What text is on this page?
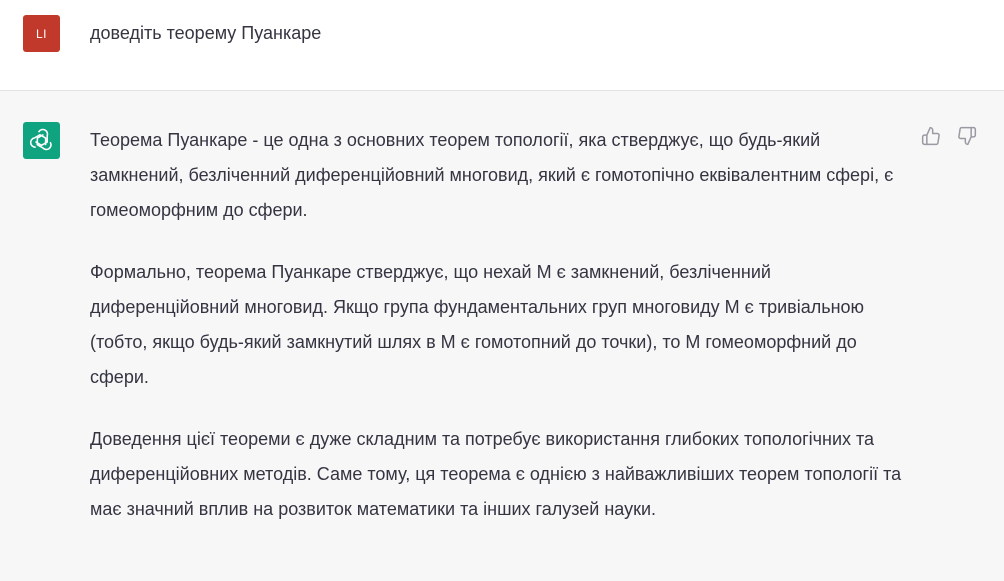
LI доведіть теорему Пуанкаре

Теорема Пуанкаре - це одна з основних теорем топології, яка стверджує, що будь-який замкнений, безліченний диференційовний многовид, який є гомотопічно еквівалентним сфері, є гомеоморфним до сфери.

Формально, теорема Пуанкаре стверджує, що нехай М є замкнений, безліченний диференційовний многовид. Якщо група фундаментальних груп многовиду М є тривіальною (тобто, якщо будь-який замкнутий шлях в М є гомотопний до точки), то М гомеоморфний до сфери.

Доведення цієї теореми є дуже складним та потребує використання глибоких топологічних та диференційовних методів. Саме тому, ця теорема є однією з найважливіших теорем топології та має значний вплив на розвиток математики та інших галузей науки.
